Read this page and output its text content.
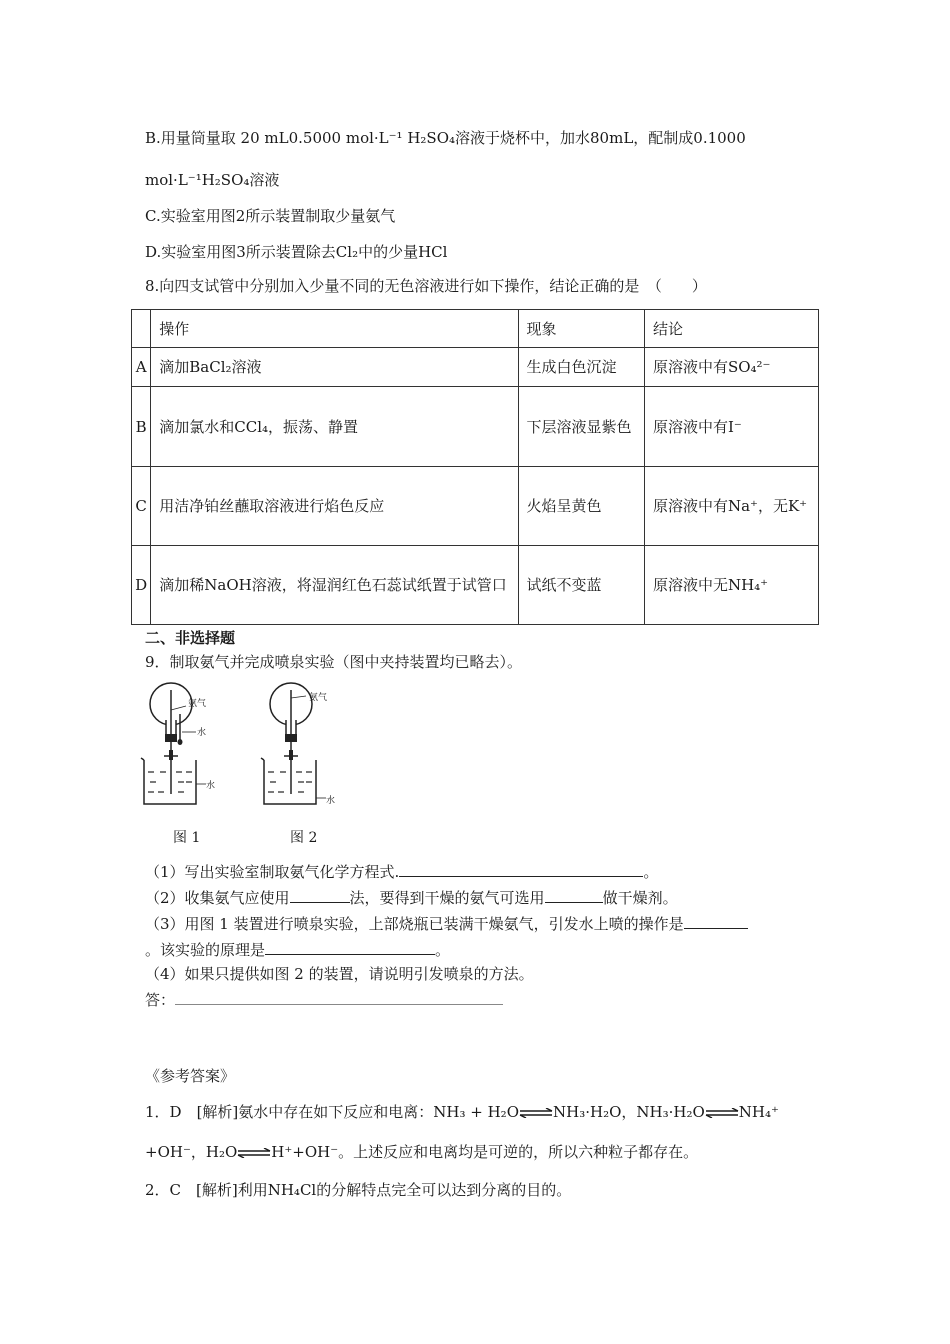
B.用量筒量取 20 mL0.5000 mol·L⁻¹ H₂SO₄溶液于烧杯中，加水80mL，配制成0.1000
mol·L⁻¹H₂SO₄溶液
C.实验室用图2所示装置制取少量氨气
D.实验室用图3所示装置除去Cl₂中的少量HCl
8.向四支试管中分别加入少量不同的无色溶液进行如下操作，结论正确的是　（　　）
	操作	现象	结论
A	滴加BaCl₂溶液	生成白色沉淀	原溶液中有SO₄²⁻
B	滴加氯水和CCl₄，振荡、静置	下层溶液显紫色	原溶液中有I⁻
C	用洁净铂丝蘸取溶液进行焰色反应	火焰呈黄色	原溶液中有Na⁺，无K⁺
D	滴加稀NaOH溶液，将湿润红色石蕊试纸置于试管口	试纸不变蓝	原溶液中无NH₄⁺
二、非选择题
9．制取氨气并完成喷泉实验（图中夹持装置均已略去）。
氨气
水
水
图 1
氨气
水
图 2
（1）写出实验室制取氨气化学方程式.	。
（2）收集氨气应使用	法，要得到干燥的氨气可选用	做干燥剂。
（3）用图 1 装置进行喷泉实验，上部烧瓶已装满干燥氨气，引发水上喷的操作是
。该实验的原理是	。
（4）如果只提供如图 2 的装置，请说明引发喷泉的方法。
答：
《参考答案》
1．D　[解析]氨水中存在如下反应和电离：NH₃ + H₂O⇌NH₃·H₂O，NH₃·H₂O⇌NH₄⁺
+OH⁻，H₂O⇌H⁺+OH⁻。上述反应和电离均是可逆的，所以六种粒子都存在。
2．C　[解析]利用NH₄Cl的分解特点完全可以达到分离的目的。
